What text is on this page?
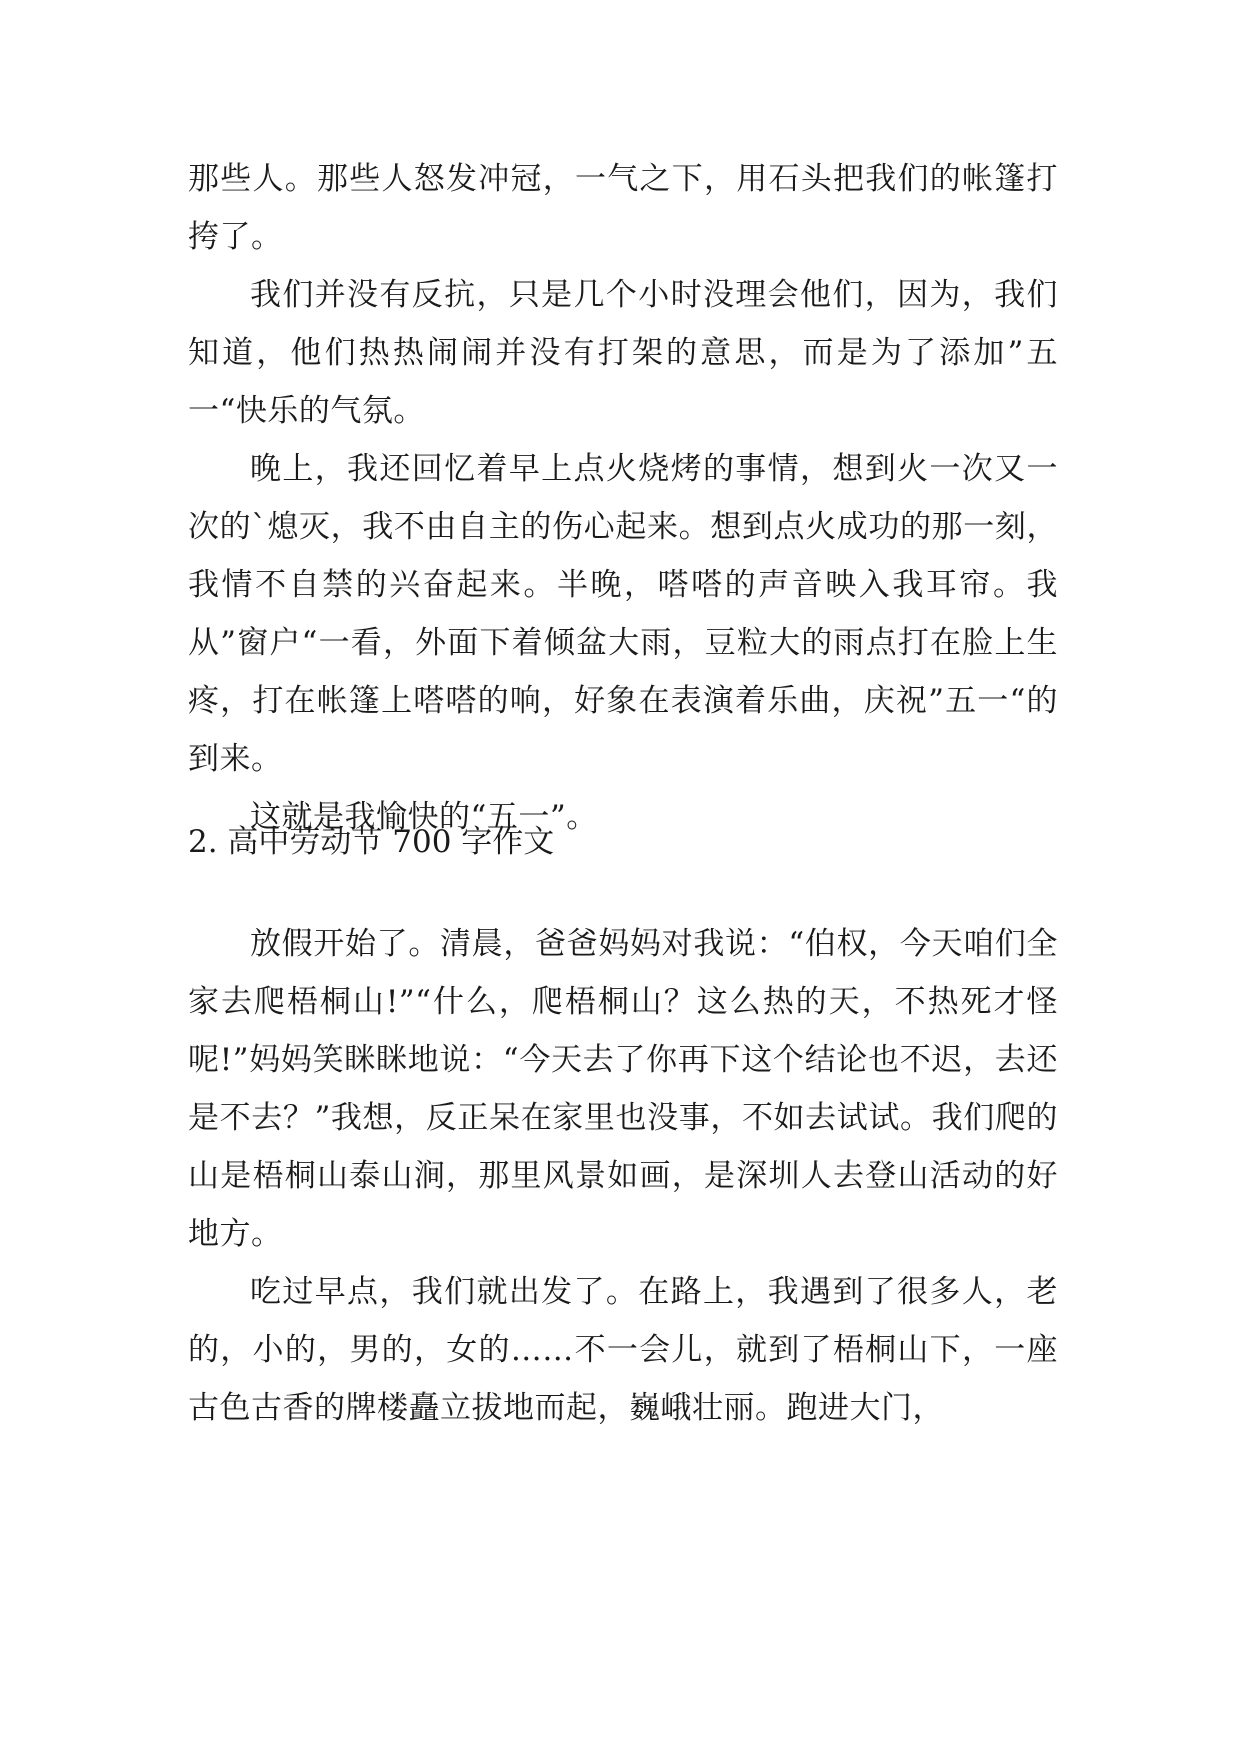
那些人。那些人怒发冲冠，一气之下，用石头把我们的帐篷打挎了。

我们并没有反抗，只是几个小时没理会他们，因为，我们知道，他们热热闹闹并没有打架的意思，而是为了添加”五一“快乐的气氛。

晚上，我还回忆着早上点火烧烤的事情，想到火一次又一次的`熄灭，我不由自主的伤心起来。想到点火成功的那一刻，我情不自禁的兴奋起来。半晚，嗒嗒的声音映入我耳帘。我从”窗户“一看，外面下着倾盆大雨，豆粒大的雨点打在脸上生疼，打在帐篷上嗒嗒的响，好象在表演着乐曲，庆祝”五一“的到来。

这就是我愉快的“五一”。

2. 高中劳动节 700 字作文

放假开始了。清晨，爸爸妈妈对我说：“伯权，今天咱们全家去爬梧桐山!”“什么，爬梧桐山？这么热的天，不热死才怪呢!”妈妈笑眯眯地说：“今天去了你再下这个结论也不迟，去还是不去？”我想，反正呆在家里也没事，不如去试试。我们爬的山是梧桐山泰山涧，那里风景如画，是深圳人去登山活动的好地方。

吃过早点，我们就出发了。在路上，我遇到了很多人，老的，小的，男的，女的……不一会儿，就到了梧桐山下，一座古色古香的牌楼矗立拔地而起，巍峨壮丽。跑进大门，
